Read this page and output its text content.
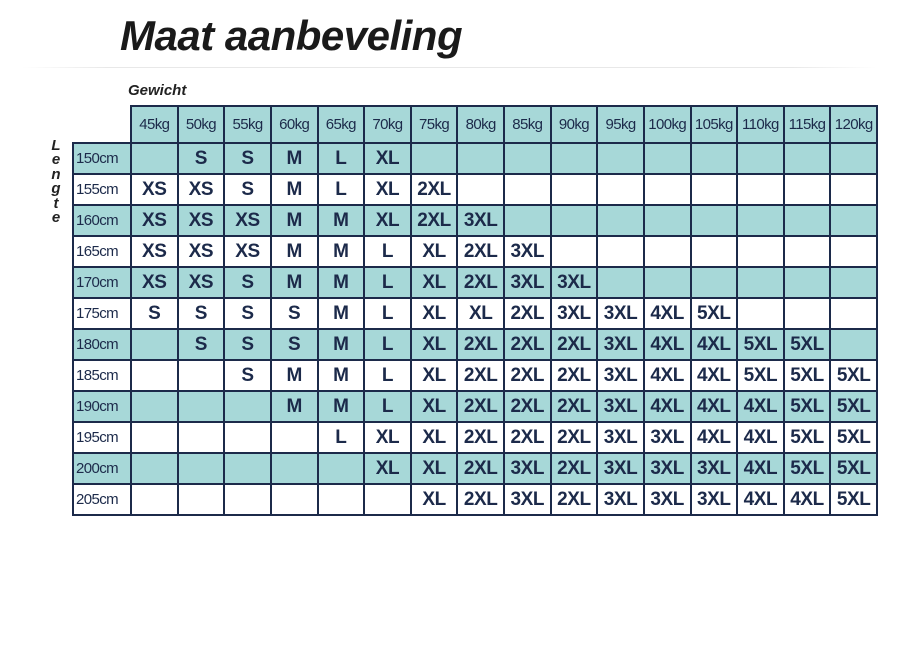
Maat aanbeveling
Gewicht
L
e
n
g
t
e
	45kg	50kg	55kg	60kg	65kg	70kg	75kg	80kg	85kg	90kg	95kg	100kg	105kg	110kg	115kg	120kg
150cm		S	S	M	L	XL										
155cm	XS	XS	S	M	L	XL	2XL									
160cm	XS	XS	XS	M	M	XL	2XL	3XL								
165cm	XS	XS	XS	M	M	L	XL	2XL	3XL							
170cm	XS	XS	S	M	M	L	XL	2XL	3XL	3XL						
175cm	S	S	S	S	M	L	XL	XL	2XL	3XL	3XL	4XL	5XL			
180cm		S	S	S	M	L	XL	2XL	2XL	2XL	3XL	4XL	4XL	5XL	5XL	
185cm			S	M	M	L	XL	2XL	2XL	2XL	3XL	4XL	4XL	5XL	5XL	5XL
190cm				M	M	L	XL	2XL	2XL	2XL	3XL	4XL	4XL	4XL	5XL	5XL
195cm					L	XL	XL	2XL	2XL	2XL	3XL	3XL	4XL	4XL	5XL	5XL
200cm						XL	XL	2XL	3XL	2XL	3XL	3XL	3XL	4XL	5XL	5XL
205cm							XL	2XL	3XL	2XL	3XL	3XL	3XL	4XL	4XL	5XL
